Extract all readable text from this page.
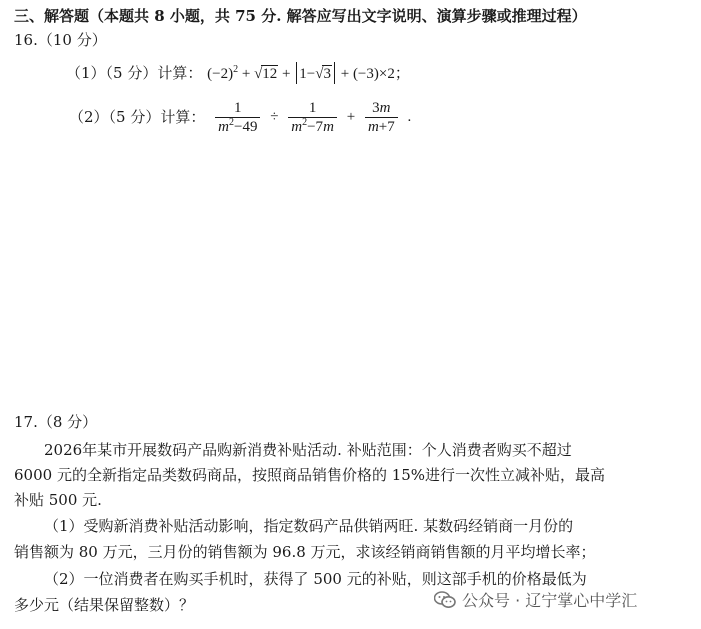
三、解答题（本题共 8 小题，共 75 分. 解答应写出文字说明、演算步骤或推理过程）
16.（10 分）
（1）（5 分）计算： $(-2)^2 + √12 + 1-√3 + (-3)\times 2$；
（2）（5 分）计算： $\frac{1}{m^2-49} \div \frac{1}{m^2-7m} + \frac{3m}{m+7}$ .
17.（8 分）
2026年某市开展数码产品购新消费补贴活动. 补贴范围：个人消费者购买不超过
6000 元的全新指定品类数码商品，按照商品销售价格的 15%进行一次性立减补贴，最高
补贴 500 元.
（1）受购新消费补贴活动影响，指定数码产品供销两旺. 某数码经销商一月份的
销售额为 80 万元，三月份的销售额为 96.8 万元，求该经销商销售额的月平均增长率；
（2）一位消费者在购买手机时，获得了 500 元的补贴，则这部手机的价格最低为
多少元（结果保留整数）？	公众号 · 辽宁掌心中学汇
